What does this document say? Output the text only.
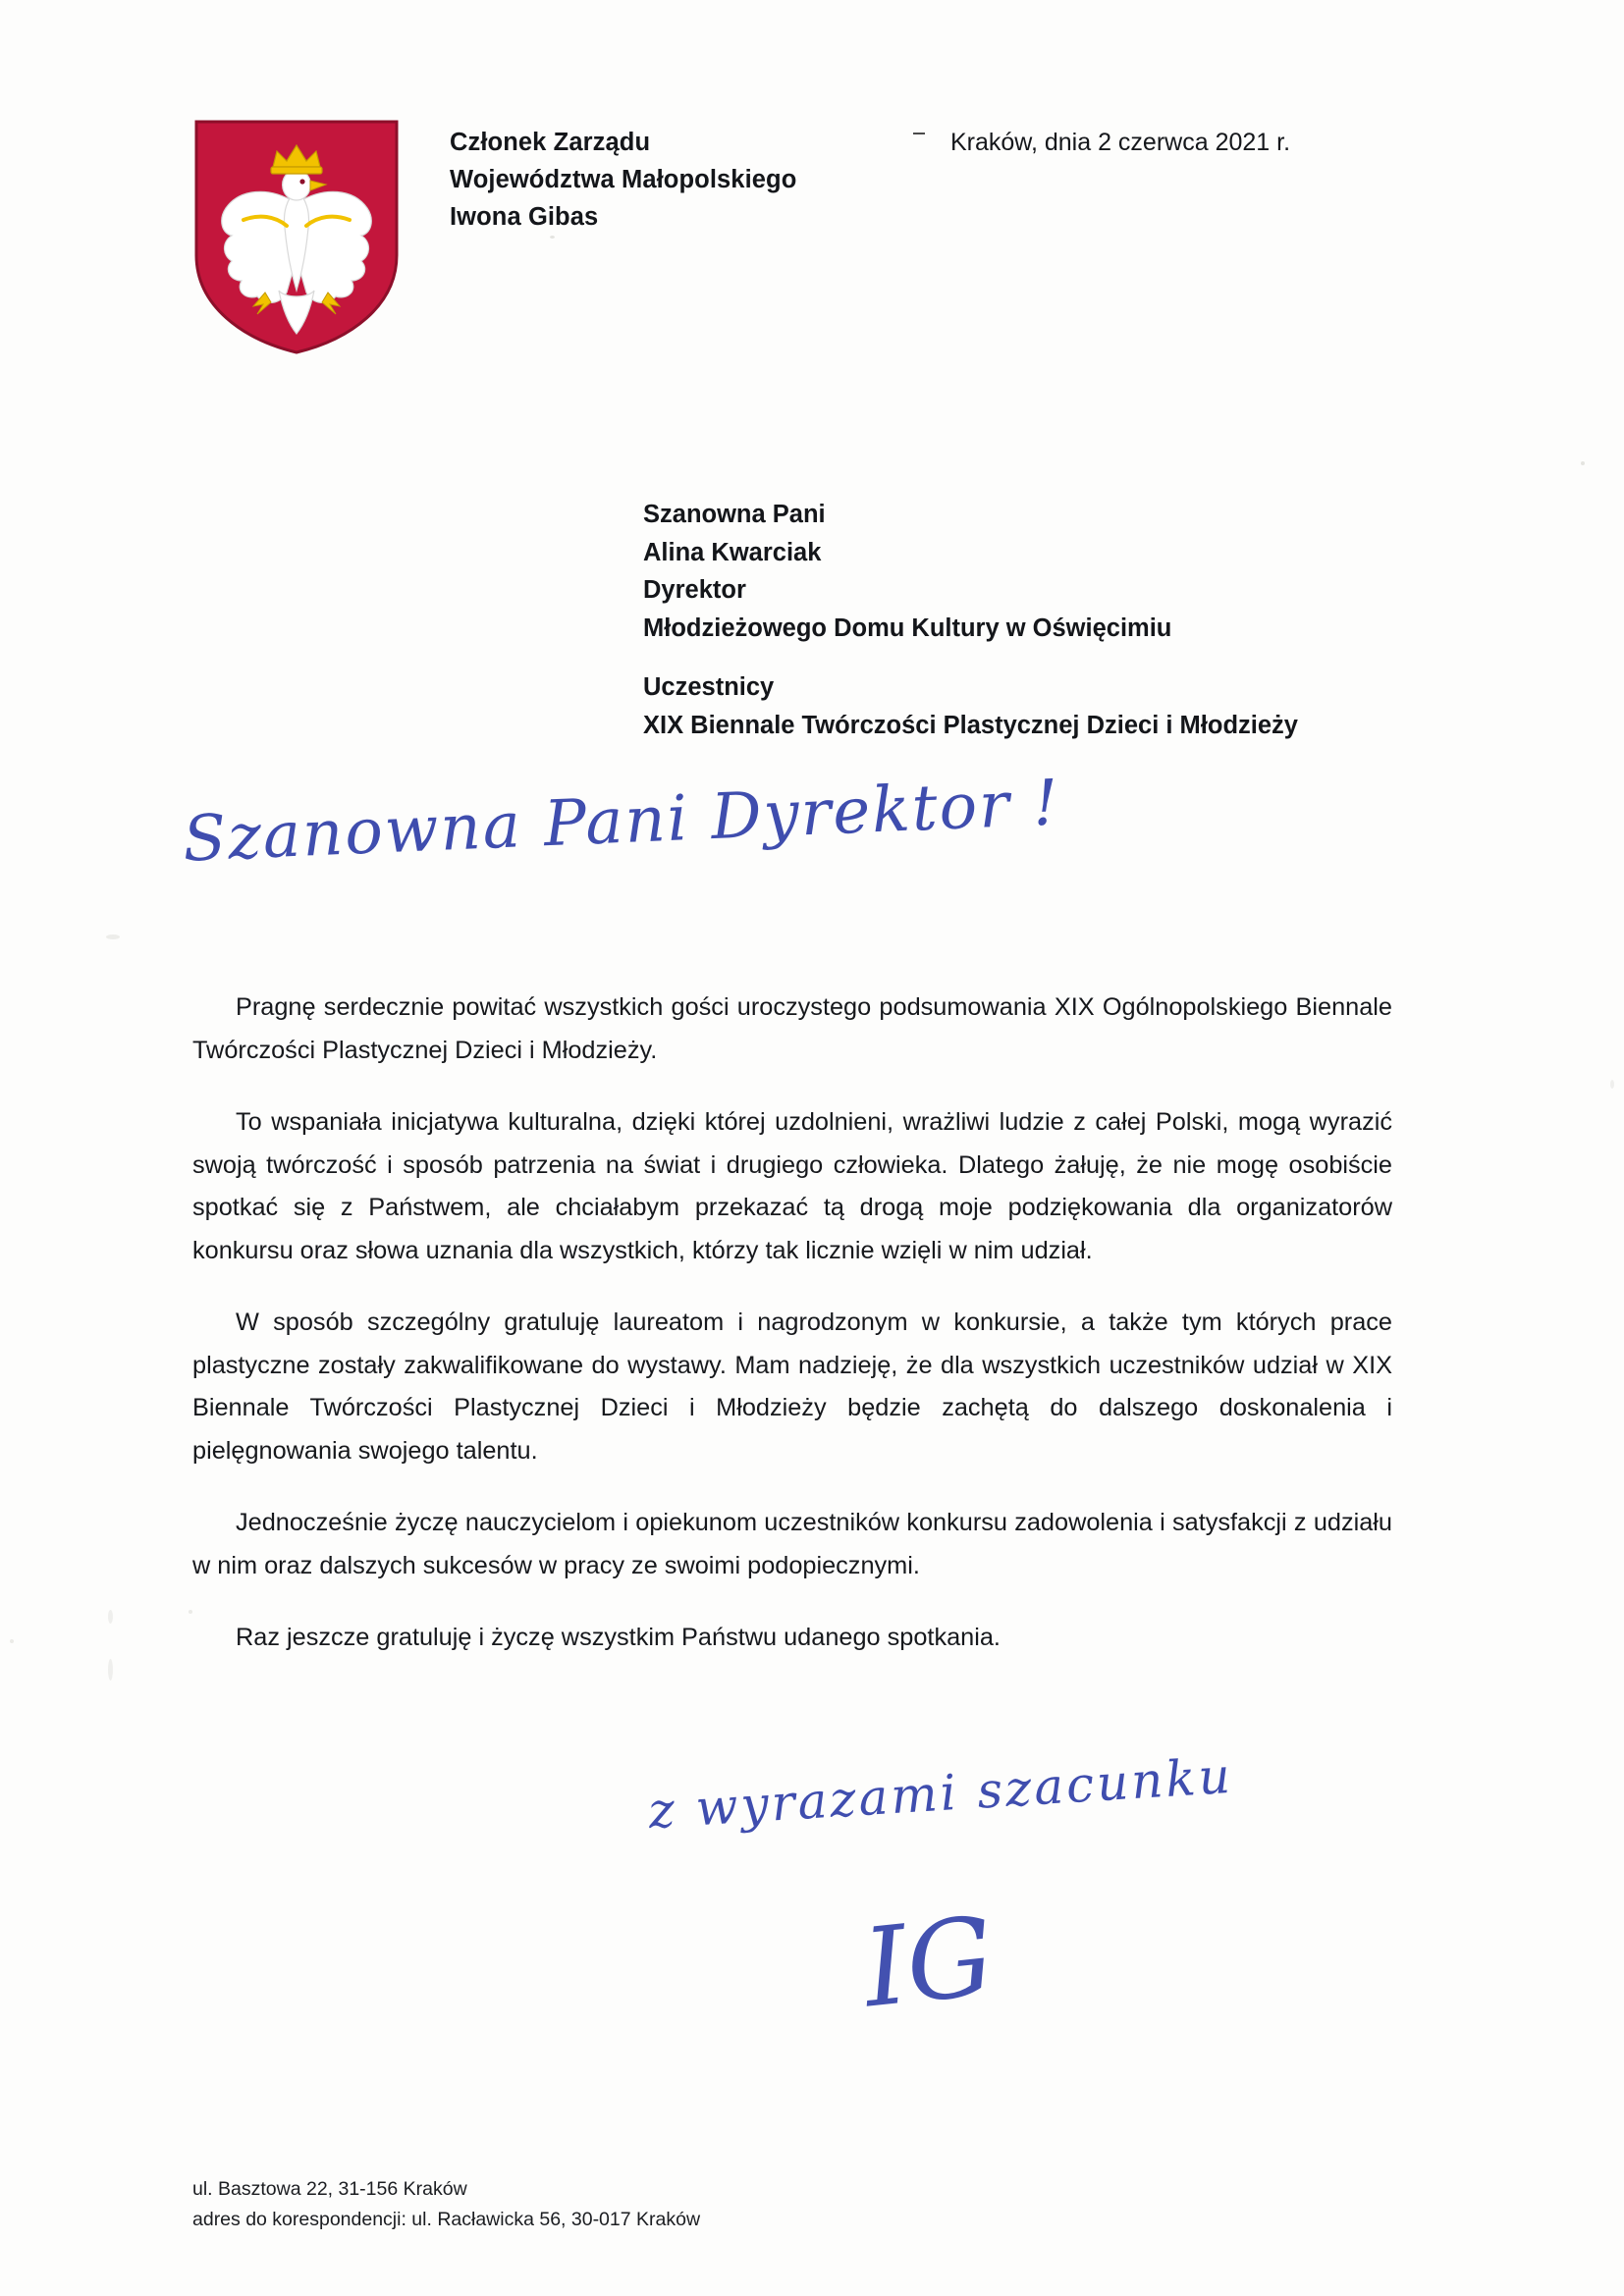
Członek Zarządu
Województwa Małopolskiego
Iwona Gibas
Kraków, dnia 2 czerwca 2021 r.
Szanowna Pani
Alina Kwarciak
Dyrektor
Młodzieżowego Domu Kultury w Oświęcimiu
Uczestnicy
XIX Biennale Twórczości Plastycznej Dzieci i Młodzieży
Szanowna Pani Dyrektor !

Pragnę serdecznie powitać wszystkich gości uroczystego podsumowania XIX Ogólnopolskiego Biennale Twórczości Plastycznej Dzieci i Młodzieży.

To wspaniała inicjatywa kulturalna, dzięki której uzdolnieni, wrażliwi ludzie z całej Polski, mogą wyrazić swoją twórczość i sposób patrzenia na świat i drugiego człowieka. Dlatego żałuję, że nie mogę osobiście spotkać się z Państwem, ale chciałabym przekazać tą drogą moje podziękowania dla organizatorów konkursu oraz słowa uznania dla wszystkich, którzy tak licznie wzięli w nim udział.

W sposób szczególny gratuluję laureatom i nagrodzonym w konkursie, a także tym których prace plastyczne zostały zakwalifikowane do wystawy. Mam nadzieję, że dla wszystkich uczestników udział w XIX Biennale Twórczości Plastycznej Dzieci i Młodzieży będzie zachętą do dalszego doskonalenia i pielęgnowania swojego talentu.

Jednocześnie życzę nauczycielom i opiekunom uczestników konkursu zadowolenia i satysfakcji z udziału w nim oraz dalszych sukcesów w pracy ze swoimi podopiecznymi.

Raz jeszcze gratuluję i życzę wszystkim Państwu udanego spotkania.

z wyrazami szacunku
IG
ul. Basztowa 22, 31-156 Kraków
adres do korespondencji: ul. Racławicka 56, 30-017 Kraków
